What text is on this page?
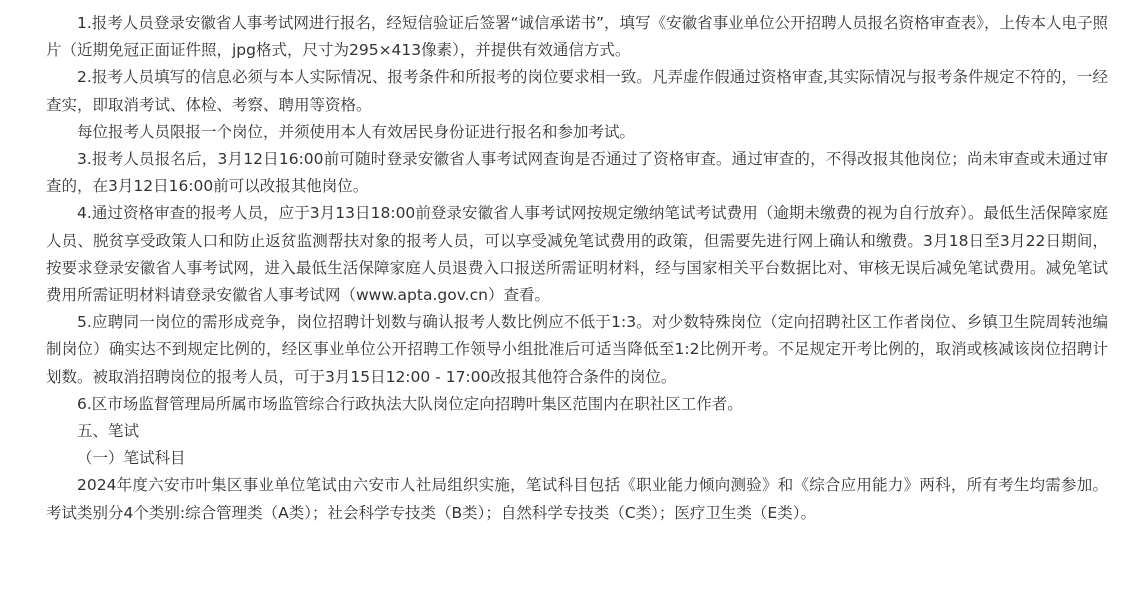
1.报考人员登录安徽省人事考试网进行报名，经短信验证后签署“诚信承诺书”，填写《安徽省事业单位公开招聘人员报名资格审查表》，上传本人电子照片（近期免冠正面证件照，jpg格式，尺寸为295×413像素），并提供有效通信方式。

2.报考人员填写的信息必须与本人实际情况、报考条件和所报考的岗位要求相一致。凡弄虚作假通过资格审查,其实际情况与报考条件规定不符的，一经查实，即取消考试、体检、考察、聘用等资格。

每位报考人员限报一个岗位，并须使用本人有效居民身份证进行报名和参加考试。

3.报考人员报名后，3月12日16:00前可随时登录安徽省人事考试网查询是否通过了资格审查。通过审查的，不得改报其他岗位；尚未审查或未通过审查的，在3月12日16:00前可以改报其他岗位。

4.通过资格审查的报考人员，应于3月13日18:00前登录安徽省人事考试网按规定缴纳笔试考试费用（逾期未缴费的视为自行放弃）。最低生活保障家庭人员、脱贫享受政策人口和防止返贫监测帮扶对象的报考人员，可以享受减免笔试费用的政策，但需要先进行网上确认和缴费。3月18日至3月22日期间，按要求登录安徽省人事考试网，进入最低生活保障家庭人员退费入口报送所需证明材料，经与国家相关平台数据比对、审核无误后减免笔试费用。减免笔试费用所需证明材料请登录安徽省人事考试网（www.apta.gov.cn）查看。

5.应聘同一岗位的需形成竞争，岗位招聘计划数与确认报考人数比例应不低于1:3。对少数特殊岗位（定向招聘社区工作者岗位、乡镇卫生院周转池编制岗位）确实达不到规定比例的，经区事业单位公开招聘工作领导小组批准后可适当降低至1:2比例开考。不足规定开考比例的，取消或核减该岗位招聘计划数。被取消招聘岗位的报考人员，可于3月15日12:00 - 17:00改报其他符合条件的岗位。

6.区市场监督管理局所属市场监管综合行政执法大队岗位定向招聘叶集区范围内在职社区工作者。

五、笔试

（一）笔试科目

2024年度六安市叶集区事业单位笔试由六安市人社局组织实施，笔试科目包括《职业能力倾向测验》和《综合应用能力》两科，所有考生均需参加。考试类别分4个类别:综合管理类（A类）；社会科学专技类（B类）；自然科学专技类（C类）；医疗卫生类（E类）。
